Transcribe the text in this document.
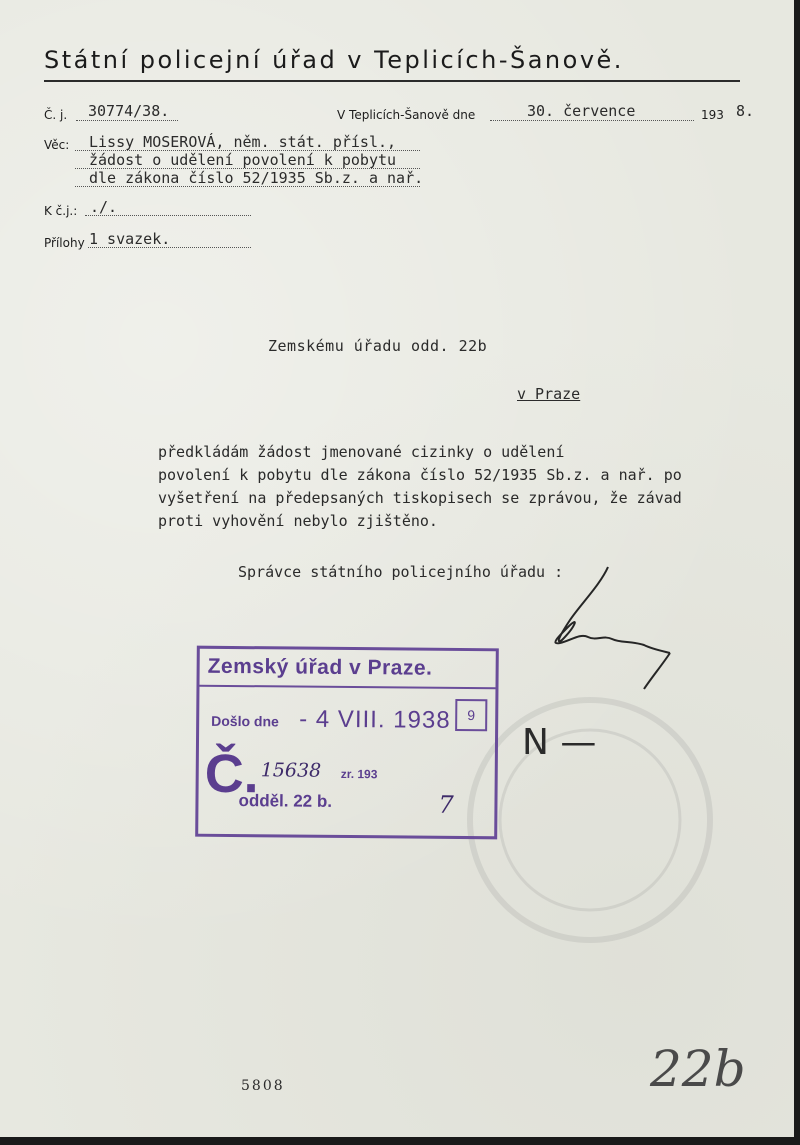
Státní policejní úřad v Teplicích-Šanově.
Č. j. 30774/38.	V Teplicích-Šanově dne	30. července	193 8.
Věc: Lissy MOSEROVÁ, něm. stát. přísl.,
žádost o udělení povolení k pobytu
dle zákona číslo 52/1935 Sb.z. a nař.
K č.j.: ./.
Přílohy 1 svazek.
Zemskému úřadu odd. 22b
v Praze
předkládám žádost jmenované cizinky o udělení
povolení k pobytu dle zákona číslo 52/1935 Sb.z. a nař. po
vyšetření na předepsaných tiskopisech se zprávou, že závad
proti vyhovění nebylo zjištěno.
Správce státního policejního úřadu :
Zemský úřad v Praze.
Došlo dne - 4 VIII. 1938	9
Č. 15638 zr. 193
odděl. 22 b.	7
N —
22b
5808
